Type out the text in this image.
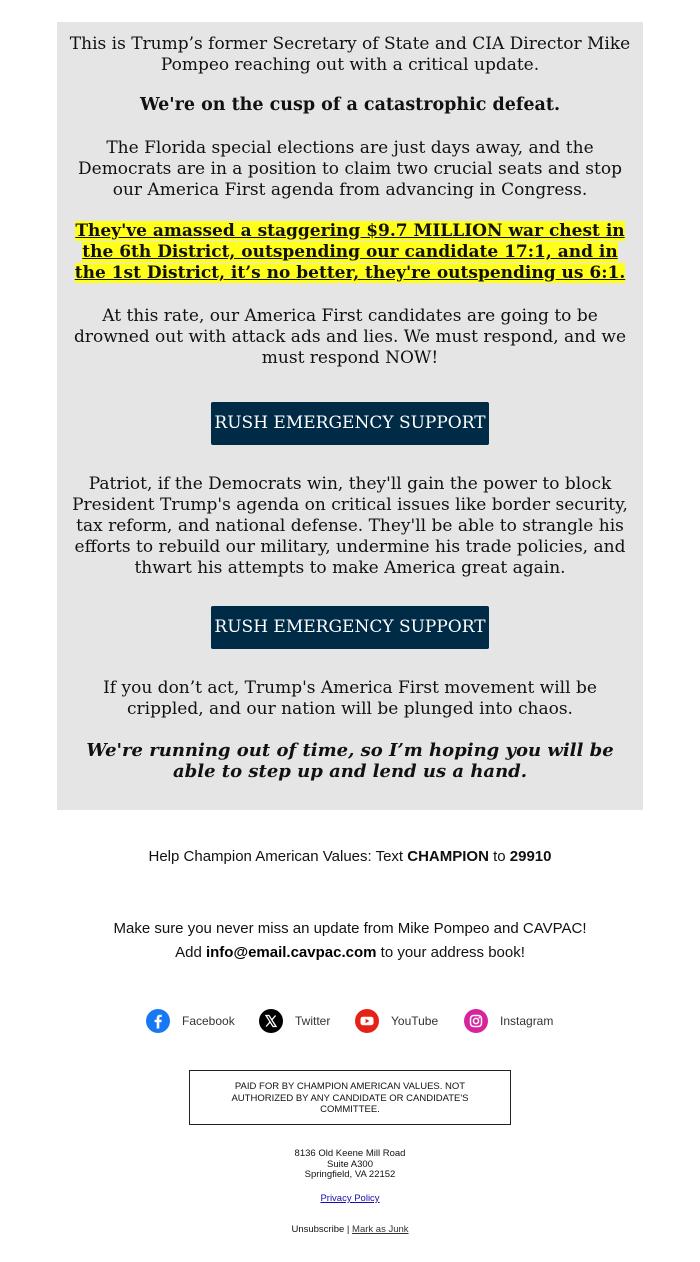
This is Trump’s former Secretary of State and CIA Director Mike Pompeo reaching out with a critical update.

We're on the cusp of a catastrophic defeat.

The Florida special elections are just days away, and the Democrats are in a position to claim two crucial seats and stop our America First agenda from advancing in Congress.

They've amassed a staggering $9.7 MILLION war chest in the 6th District, outspending our candidate 17:1, and in the 1st District, it’s no better, they're outspending us 6:1.

At this rate, our America First candidates are going to be drowned out with attack ads and lies. We must respond, and we must respond NOW!

RUSH EMERGENCY SUPPORT

Patriot, if the Democrats win, they'll gain the power to block President Trump's agenda on critical issues like border security, tax reform, and national defense. They'll be able to strangle his efforts to rebuild our military, undermine his trade policies, and thwart his attempts to make America great again.

RUSH EMERGENCY SUPPORT

If you don’t act, Trump's America First movement will be crippled, and our nation will be plunged into chaos.

We're running out of time, so I’m hoping you will be able to step up and lend us a hand.

Help Champion American Values: Text CHAMPION to 29910
Make sure you never miss an update from Mike Pompeo and CAVPAC!
Add info@email.cavpac.com to your address book!
Facebook	Twitter	YouTube	Instagram
PAID FOR BY CHAMPION AMERICAN VALUES. NOT AUTHORIZED BY ANY CANDIDATE OR CANDIDATE'S COMMITTEE.
8136 Old Keene Mill Road
Suite A300
Springfield, VA 22152
Privacy Policy
Unsubscribe | Mark as Junk
